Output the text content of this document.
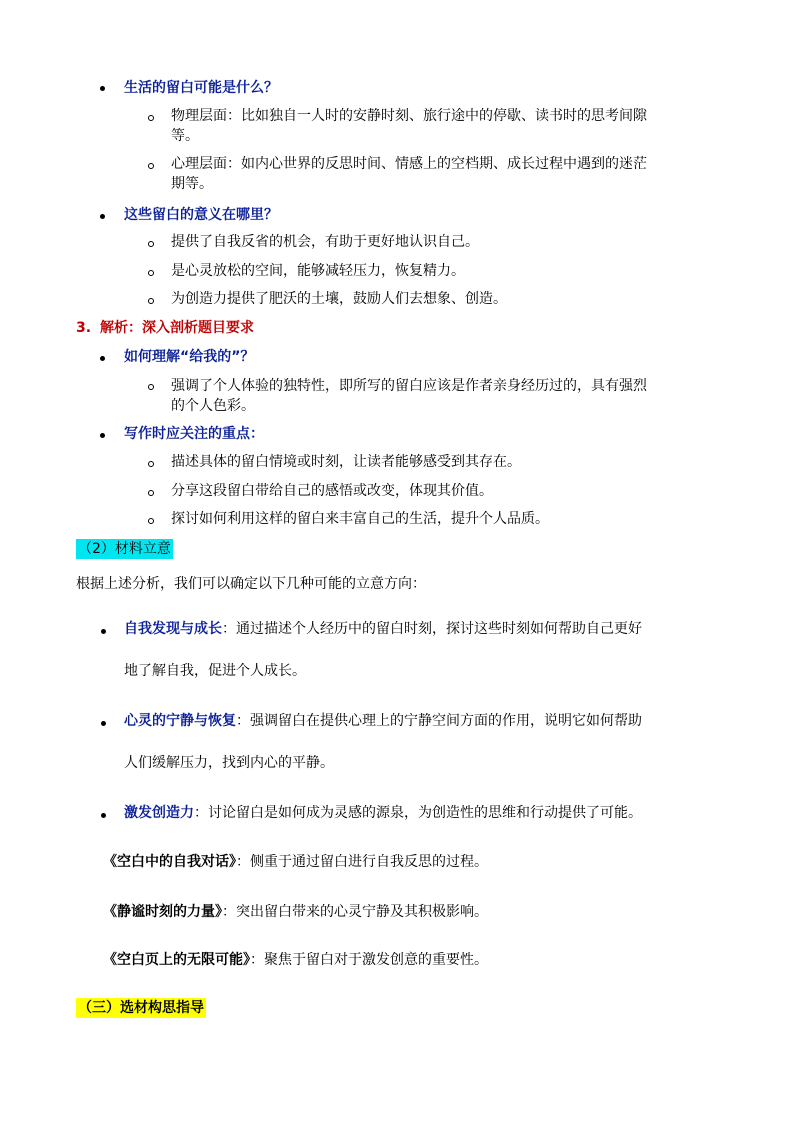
生活的留白可能是什么？
物理层面：比如独自一人时的安静时刻、旅行途中的停歇、读书时的思考间隙
等。
心理层面：如内心世界的反思时间、情感上的空档期、成长过程中遇到的迷茫
期等。
这些留白的意义在哪里？
提供了自我反省的机会，有助于更好地认识自己。
是心灵放松的空间，能够减轻压力，恢复精力。
为创造力提供了肥沃的土壤，鼓励人们去想象、创造。
3. 解析：深入剖析题目要求
如何理解“给我的”？
强调了个人体验的独特性，即所写的留白应该是作者亲身经历过的，具有强烈
的个人色彩。
写作时应关注的重点：
描述具体的留白情境或时刻，让读者能够感受到其存在。
分享这段留白带给自己的感悟或改变，体现其价值。
探讨如何利用这样的留白来丰富自己的生活，提升个人品质。
（2）材料立意
根据上述分析，我们可以确定以下几种可能的立意方向：
自我发现与成长：通过描述个人经历中的留白时刻，探讨这些时刻如何帮助自己更好
地了解自我，促进个人成长。
心灵的宁静与恢复：强调留白在提供心理上的宁静空间方面的作用，说明它如何帮助
人们缓解压力，找到内心的平静。
激发创造力：讨论留白是如何成为灵感的源泉，为创造性的思维和行动提供了可能。
《空白中的自我对话》：侧重于通过留白进行自我反思的过程。
《静谧时刻的力量》：突出留白带来的心灵宁静及其积极影响。
《空白页上的无限可能》：聚焦于留白对于激发创意的重要性。
（三）选材构思指导
